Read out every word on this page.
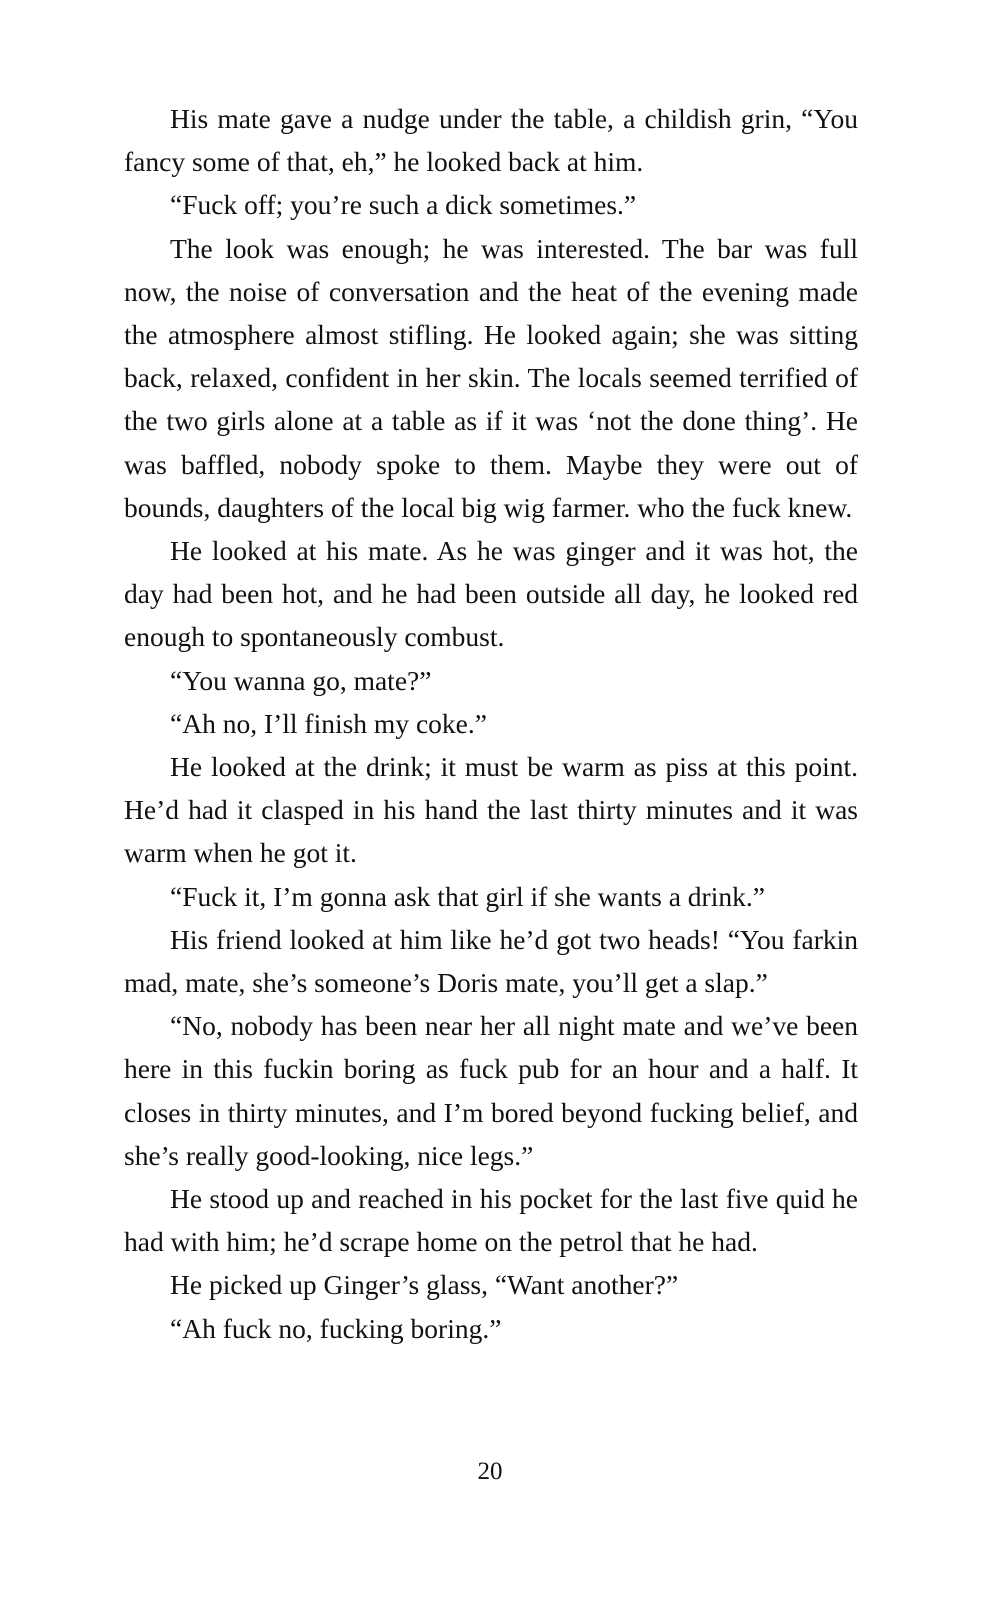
His mate gave a nudge under the table, a childish grin, “You fancy some of that, eh,” he looked back at him.

“Fuck off; you’re such a dick sometimes.”

The look was enough; he was interested. The bar was full now, the noise of conversation and the heat of the evening made the atmosphere almost stifling. He looked again; she was sitting back, relaxed, confident in her skin. The locals seemed terrified of the two girls alone at a table as if it was ‘not the done thing’. He was baffled, nobody spoke to them. Maybe they were out of bounds, daughters of the local big wig farmer. who the fuck knew.

He looked at his mate. As he was ginger and it was hot, the day had been hot, and he had been outside all day, he looked red enough to spontaneously combust.

“You wanna go, mate?”

“Ah no, I’ll finish my coke.”

He looked at the drink; it must be warm as piss at this point. He’d had it clasped in his hand the last thirty minutes and it was warm when he got it.

“Fuck it, I’m gonna ask that girl if she wants a drink.”

His friend looked at him like he’d got two heads! “You farkin mad, mate, she’s someone’s Doris mate, you’ll get a slap.”

“No, nobody has been near her all night mate and we’ve been here in this fuckin boring as fuck pub for an hour and a half. It closes in thirty minutes, and I’m bored beyond fucking belief, and she’s really good-looking, nice legs.”

He stood up and reached in his pocket for the last five quid he had with him; he’d scrape home on the petrol that he had.

He picked up Ginger’s glass, “Want another?”

“Ah fuck no, fucking boring.”

20
